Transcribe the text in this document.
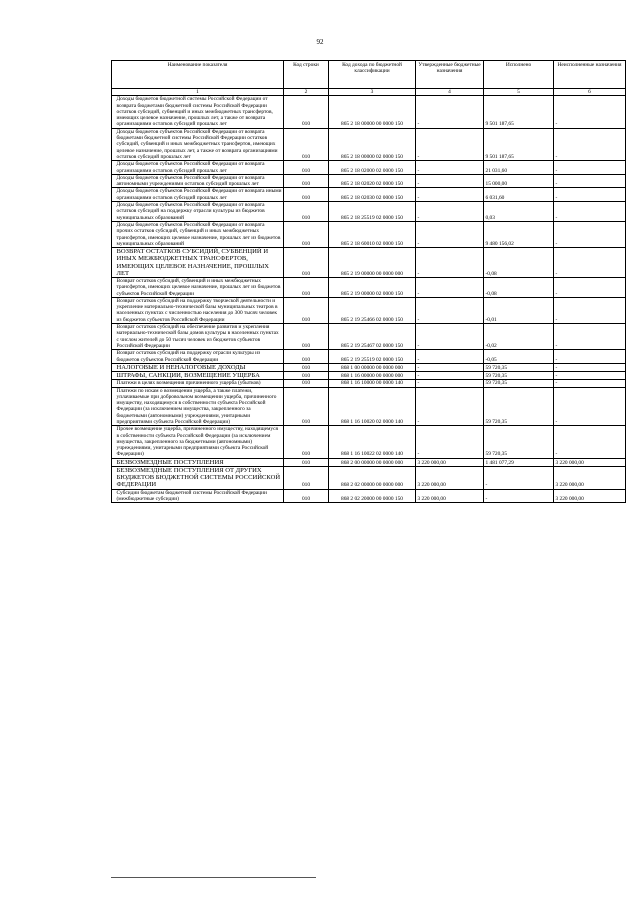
92
Наименование показателя	Код строки	Код дохода по бюджетной классификации	Утвержденные бюджетные назначения	Исполнено	Неисполненные назначения
1	2	3	4	5	6

Доходы бюджетов бюджетной системы Российской Федерации от возврата бюджетами бюджетной системы Российской Федерации остатков субсидий, субвенций и иных межбюджетных трансфертов, имеющих целевое назначение, прошлых лет, а также от возврата организациями остатков субсидий прошлых лет	010	865 2 18 00000 00 0000 150	-	9 501 187,65	-

Доходы бюджетов субъектов Российской Федерации от возврата бюджетами бюджетной системы Российской Федерации остатков субсидий, субвенций и иных межбюджетных трансфертов, имеющих целевое назначение, прошлых лет, а также от возврата организациями остатков субсидий прошлых лет	010	865 2 18 00000 02 0000 150	-	9 501 187,65	-

Доходы бюджетов субъектов Российской Федерации от возврата организациями остатков субсидий прошлых лет	010	865 2 18 02000 02 0000 150	-	21 031,60	-

Доходы бюджетов субъектов Российской Федерации от возврата автономными учреждениями остатков субсидий прошлых лет	010	865 2 18 02020 02 0000 150	-	15 000,00	-

Доходы бюджетов субъектов Российской Федерации от возврата иными организациями остатков субсидий прошлых лет	010	865 2 18 02030 02 0000 150	-	6 031,60	-

Доходы бюджетов субъектов Российской Федерации от возврата остатков субсидий на поддержку отрасли культуры из бюджетов муниципальных образований	010	865 2 18 25519 02 0000 150	-	0,03	-

Доходы бюджетов субъектов Российской Федерации от возврата прочих остатков субсидий, субвенций и иных межбюджетных трансфертов, имеющих целевое назначение, прошлых лет из бюджетов муниципальных образований	010	865 2 18 60010 02 0000 150	-	9 480 156,02	-

ВОЗВРАТ ОСТАТКОВ СУБСИДИЙ, СУБВЕНЦИЙ И ИНЫХ МЕЖБЮДЖЕТНЫХ ТРАНСФЕРТОВ, ИМЕЮЩИХ ЦЕЛЕВОЕ НАЗНАЧЕНИЕ, ПРОШЛЫХ ЛЕТ	010	865 2 19 00000 00 0000 000	-	-0,08	-

Возврат остатков субсидий, субвенций и иных межбюджетных трансфертов, имеющих целевое назначение, прошлых лет из бюджетов субъектов Российской Федерации	010	865 2 19 00000 02 0000 150	-	-0,08	-

Возврат остатков субсидий на поддержку творческой деятельности и укрепление материально-технической базы муниципальных театров в населенных пунктах с численностью населения до 300 тысяч человек из бюджетов субъектов Российской Федерации	010	865 2 19 25466 02 0000 150	-	-0,01	-

Возврат остатков субсидий на обеспечение развития и укрепления материально-технической базы домов культуры в населенных пунктах с числом жителей до 50 тысяч человек из бюджетов субъектов Российской Федерации	010	865 2 19 25467 02 0000 150	-	-0,02	-

Возврат остатков субсидий на поддержку отрасли культуры из бюджетов субъектов Российской Федерации	010	865 2 19 25519 02 0000 150	-	-0,05	-

НАЛОГОВЫЕ И НЕНАЛОГОВЫЕ ДОХОДЫ	010	868 1 00 00000 00 0000 000	-	59 720,35	-

ШТРАФЫ, САНКЦИИ, ВОЗМЕЩЕНИЕ УЩЕРБА	010	868 1 16 00000 00 0000 000	-	59 720,35	-

Платежи в целях возмещения причиненного ущерба (убытков)	010	868 1 16 10000 00 0000 140	-	59 720,35	-

Платежи по искам о возмещении ущерба, а также платежи, уплачиваемые при добровольном возмещении ущерба, причиненного имуществу, находящемуся в собственности субъекта Российской Федерации (за исключением имущества, закрепленного за бюджетными (автономными) учреждениями, унитарными предприятиями субъекта Российской Федерации)	010	868 1 16 10020 02 0000 140	-	59 720,35	-

Прочее возмещение ущерба, причиненного имуществу, находящемуся в собственности субъекта Российской Федерации (за исключением имущества, закрепленного за бюджетными (автономными) учреждениями, унитарными предприятиями субъекта Российской Федерации)	010	868 1 16 10022 02 0000 140	-	59 720,35	-

БЕЗВОЗМЕЗДНЫЕ ПОСТУПЛЕНИЯ	010	868 2 00 00000 00 0000 000	3 220 000,00	1 481 077,29	3 220 000,00

БЕЗВОЗМЕЗДНЫЕ ПОСТУПЛЕНИЯ ОТ ДРУГИХ БЮДЖЕТОВ БЮДЖЕТНОЙ СИСТЕМЫ РОССИЙСКОЙ ФЕДЕРАЦИИ	010	868 2 02 00000 00 0000 000	3 220 000,00	-	3 220 000,00

Субсидии бюджетам бюджетной системы Российской Федерации (межбюджетные субсидии)	010	868 2 02 20000 00 0000 150	3 220 000,00	-	3 220 000,00
